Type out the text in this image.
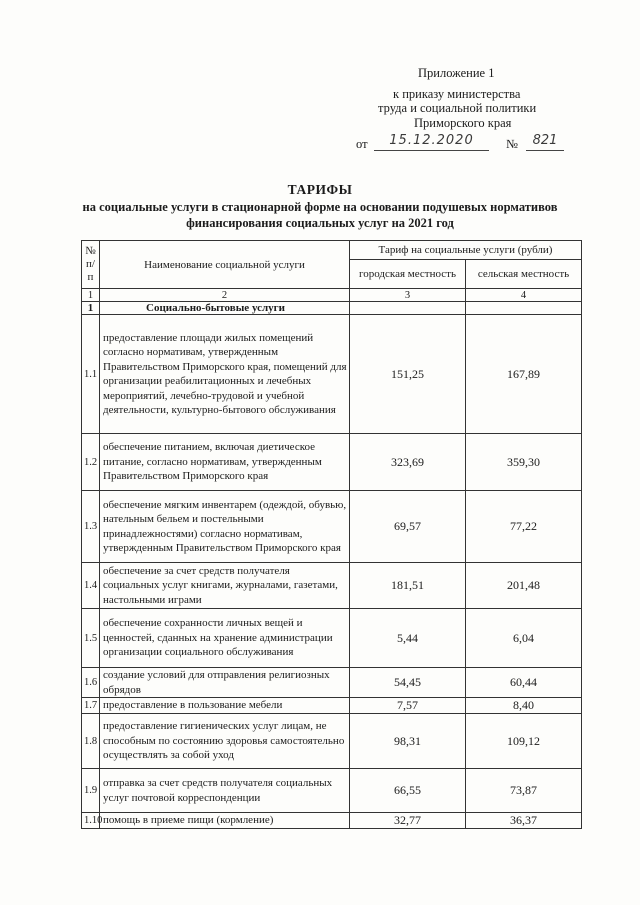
Приложение 1
к приказу министерства
труда и социальной политики
Приморского края
от	15.12.2020	№	821
ТАРИФЫ
на социальные услуги в стационарной форме на основании подушевых нормативов
финансирования социальных услуг на 2021 год
№
п/п	Наименование социальной услуги	Тариф на социальные услуги (рубли)	
		городская местность	сельская местность
1	2	3	4
1	Социально-бытовые услуги		
1.1	предоставление площади жилых помещений согласно нормативам, утвержденным Правительством Приморского края, помещений для организации реабилитационных и лечебных мероприятий, лечебно-трудовой и учебной деятельности, культурно-бытового обслуживания	151,25	167,89
1.2	обеспечение питанием, включая диетическое питание, согласно нормативам, утвержденным Правительством Приморского края	323,69	359,30
1.3	обеспечение мягким инвентарем (одеждой, обувью, нательным бельем и постельными принадлежностями) согласно нормативам, утвержденным Правительством Приморского края	69,57	77,22
1.4	обеспечение за счет средств получателя социальных услуг книгами, журналами, газетами, настольными играми	181,51	201,48
1.5	обеспечение сохранности личных вещей и ценностей, сданных на хранение администрации организации социального обслуживания	5,44	6,04
1.6	создание условий для отправления религиозных обрядов	54,45	60,44
1.7	предоставление в пользование мебели	7,57	8,40
1.8	предоставление гигиенических услуг лицам, не способным по состоянию здоровья самостоятельно осуществлять за собой уход	98,31	109,12
1.9	отправка за счет средств получателя социальных услуг почтовой корреспонденции	66,55	73,87
1.10	помощь в приеме пищи (кормление)	32,77	36,37
